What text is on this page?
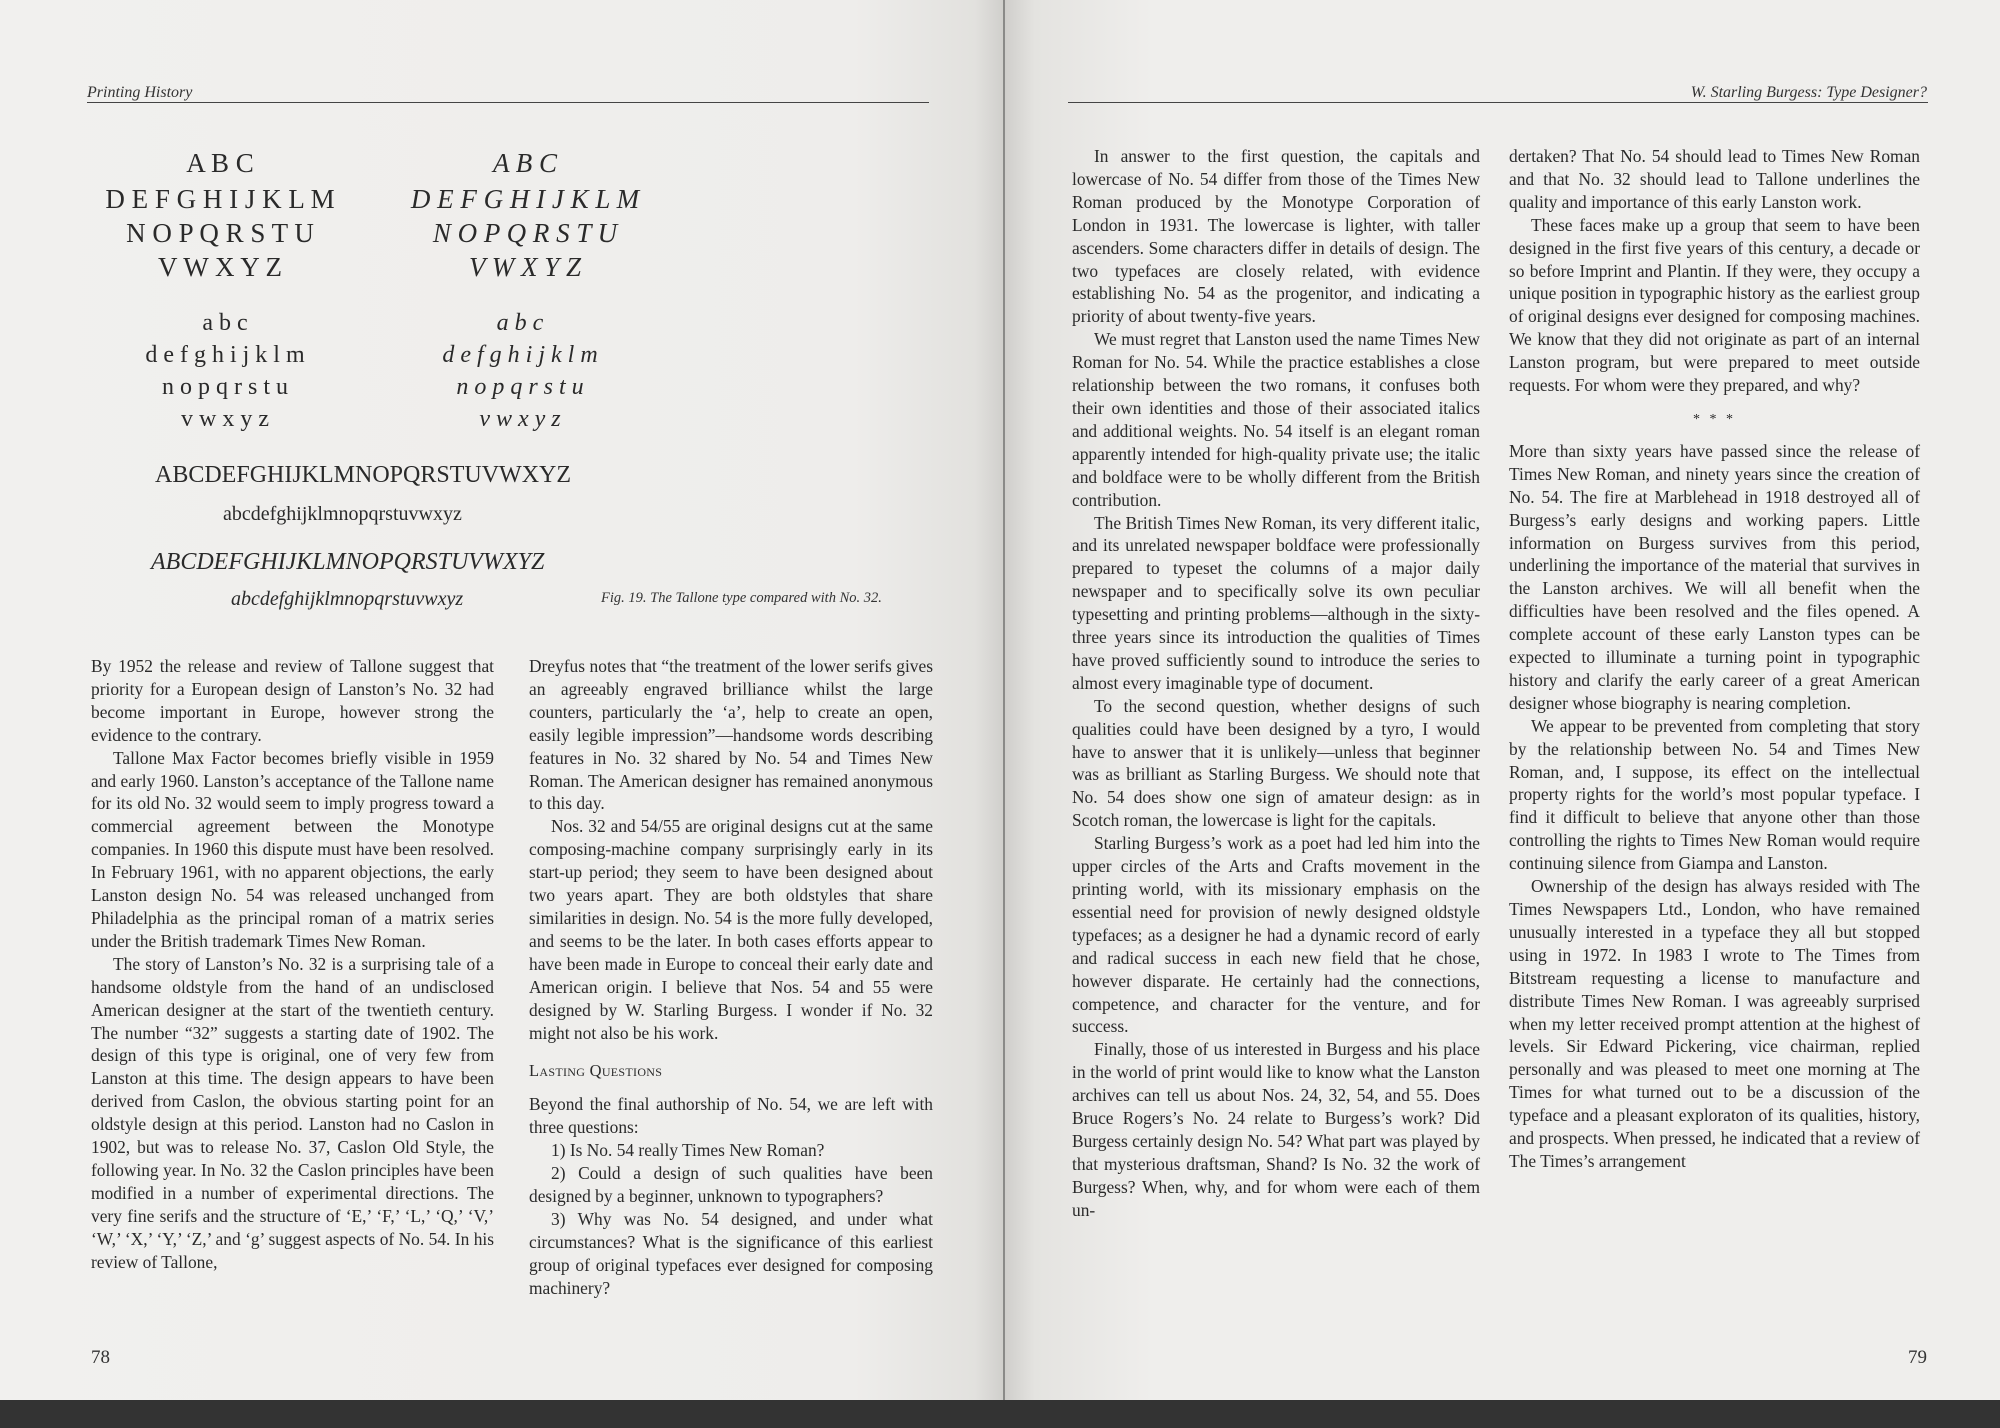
Printing History
A B C
D E F G H I J K L M
N O P Q R S T U
V W X Y Z
A B C
D E F G H I J K L M
N O P Q R S T U
V W X Y Z
a b c
d e f g h i j k l m
n o p q r s t u
v w x y z
a b c
d e f g h i j k l m
n o p q r s t u
v w x y z
ABCDEFGHIJKLMNOPQRSTUVWXYZ
abcdefghijklmnopqrstuvwxyz
ABCDEFGHIJKLMNOPQRSTUVWXYZ
abcdefghijklmnopqrstuvwxyz	Fig. 19. The Tallone type compared with No. 32.

By 1952 the release and review of Tallone suggest that priority for a European design of Lanston’s No. 32 had become important in Europe, however strong the evidence to the contrary.

Tallone Max Factor becomes briefly visible in 1959 and early 1960. Lanston’s acceptance of the Tallone name for its old No. 32 would seem to imply progress toward a commercial agreement between the Monotype companies. In 1960 this dispute must have been resolved. In February 1961, with no apparent objections, the early Lanston design No. 54 was released unchanged from Philadelphia as the principal roman of a matrix series under the British trademark Times New Roman.

The story of Lanston’s No. 32 is a surprising tale of a handsome oldstyle from the hand of an undisclosed American designer at the start of the twentieth century. The number “32” suggests a starting date of 1902. The design of this type is original, one of very few from Lanston at this time. The design appears to have been derived from Caslon, the obvious starting point for an oldstyle design at this period. Lanston had no Caslon in 1902, but was to release No. 37, Caslon Old Style, the following year. In No. 32 the Caslon principles have been modified in a number of experimental directions. The very fine serifs and the structure of ‘E,’ ‘F,’ ‘L,’ ‘Q,’ ‘V,’ ‘W,’ ‘X,’ ‘Y,’ ‘Z,’ and ‘g’ suggest aspects of No. 54. In his review of Tallone,

Dreyfus notes that “the treatment of the lower serifs gives an agreeably engraved brilliance whilst the large counters, particularly the ‘a’, help to create an open, easily legible impression”—handsome words describing features in No. 32 shared by No. 54 and Times New Roman. The American designer has remained anonymous to this day.

Nos. 32 and 54/55 are original designs cut at the same composing-machine company surprisingly early in its start-up period; they seem to have been designed about two years apart. They are both oldstyles that share similarities in design. No. 54 is the more fully developed, and seems to be the later. In both cases efforts appear to have been made in Europe to conceal their early date and American origin. I believe that Nos. 54 and 55 were designed by W. Starling Burgess. I wonder if No. 32 might not also be his work.

Lasting Questions

Beyond the final authorship of No. 54, we are left with three questions:

1) Is No. 54 really Times New Roman?

2) Could a design of such qualities have been designed by a beginner, unknown to typographers?

3) Why was No. 54 designed, and under what circumstances? What is the significance of this earliest group of original typefaces ever designed for composing machinery?

78
W. Starling Burgess: Type Designer?

In answer to the first question, the capitals and lowercase of No. 54 differ from those of the Times New Roman produced by the Monotype Corporation of London in 1931. The lowercase is lighter, with taller ascenders. Some characters differ in details of design. The two typefaces are closely related, with evidence establishing No. 54 as the progenitor, and indicating a priority of about twenty-five years.

We must regret that Lanston used the name Times New Roman for No. 54. While the practice establishes a close relationship between the two romans, it confuses both their own identities and those of their associated italics and additional weights. No. 54 itself is an elegant roman apparently intended for high-quality private use; the italic and boldface were to be wholly different from the British contribution.

The British Times New Roman, its very different italic, and its unrelated newspaper boldface were professionally prepared to typeset the columns of a major daily newspaper and to specifically solve its own peculiar typesetting and printing problems—although in the sixty-three years since its introduction the qualities of Times have proved sufficiently sound to introduce the series to almost every imaginable type of document.

To the second question, whether designs of such qualities could have been designed by a tyro, I would have to answer that it is unlikely—unless that beginner was as brilliant as Starling Burgess. We should note that No. 54 does show one sign of amateur design: as in Scotch roman, the lowercase is light for the capitals.

Starling Burgess’s work as a poet had led him into the upper circles of the Arts and Crafts movement in the printing world, with its missionary emphasis on the essential need for provision of newly designed oldstyle typefaces; as a designer he had a dynamic record of early and radical success in each new field that he chose, however disparate. He certainly had the connections, competence, and character for the venture, and for success.

Finally, those of us interested in Burgess and his place in the world of print would like to know what the Lanston archives can tell us about Nos. 24, 32, 54, and 55. Does Bruce Rogers’s No. 24 relate to Burgess’s work? Did Burgess certainly design No. 54? What part was played by that mysterious draftsman, Shand? Is No. 32 the work of Burgess? When, why, and for whom were each of them un-

dertaken? That No. 54 should lead to Times New Roman and that No. 32 should lead to Tallone underlines the quality and importance of this early Lanston work.

These faces make up a group that seem to have been designed in the first five years of this century, a decade or so before Imprint and Plantin. If they were, they occupy a unique position in typographic history as the earliest group of original designs ever designed for composing machines. We know that they did not originate as part of an internal Lanston program, but were prepared to meet outside requests. For whom were they prepared, and why?

* * *

More than sixty years have passed since the release of Times New Roman, and ninety years since the creation of No. 54. The fire at Marblehead in 1918 destroyed all of Burgess’s early designs and working papers. Little information on Burgess survives from this period, underlining the importance of the material that survives in the Lanston archives. We will all benefit when the difficulties have been resolved and the files opened. A complete account of these early Lanston types can be expected to illuminate a turning point in typographic history and clarify the early career of a great American designer whose biography is nearing completion.

We appear to be prevented from completing that story by the relationship between No. 54 and Times New Roman, and, I suppose, its effect on the intellectual property rights for the world’s most popular typeface. I find it difficult to believe that anyone other than those controlling the rights to Times New Roman would require continuing silence from Giampa and Lanston.

Ownership of the design has always resided with The Times Newspapers Ltd., London, who have remained unusually interested in a typeface they all but stopped using in 1972. In 1983 I wrote to The Times from Bitstream requesting a license to manufacture and distribute Times New Roman. I was agreeably surprised when my letter received prompt attention at the highest of levels. Sir Edward Pickering, vice chairman, replied personally and was pleased to meet one morning at The Times for what turned out to be a discussion of the typeface and a pleasant exploraton of its qualities, history, and prospects. When pressed, he indicated that a review of The Times’s arrangement

79
